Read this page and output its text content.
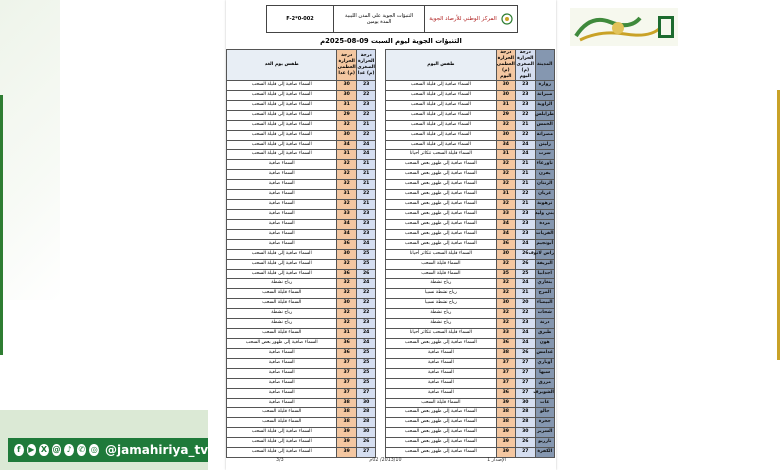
المركز الوطني للأرصاد الجوية
التنبؤات الجوية على المدن الليبية
المدة يومين
F-2*0-002
التنبؤات الجوية ليوم السبت 09-08-2025م
المدينة	درجة الحرارة الصغرى (م) اليوم	درجة الحرارة العظمى (م) اليوم	طقس اليوم		درجة الحرارة الصغرى (م) غدا	درجة الحرارة العظمى (م) غدا	طقس يوم الغد
زوارة	23	30	السماء صافية إلى قليلة السحب		23	30	السماء صافية إلى قليلة السحب
صبراتة	23	30	السماء صافية إلى قليلة السحب		22	30	السماء صافية إلى قليلة السحب
الزاوية	23	31	السماء صافية إلى قليلة السحب		23	31	السماء صافية إلى قليلة السحب
طرابلس	22	29	السماء صافية إلى قليلة السحب		22	29	السماء صافية إلى قليلة السحب
الخمس	21	32	السماء صافية إلى قليلة السحب		21	32	السماء صافية إلى قليلة السحب
مصراتة	22	30	السماء صافية إلى قليلة السحب		22	30	السماء صافية إلى قليلة السحب
زليتن	24	34	السماء صافية إلى قليلة السحب		24	34	السماء صافية إلى قليلة السحب
سرت	24	31	السماء قليلة السحب تتكاثر أحيانا		24	31	السماء صافية إلى قليلة السحب
تاورغاء	21	32	السماء صافية إلى ظهور بعض السحب		21	32	السماء صافية
يفرن	21	32	السماء صافية إلى ظهور بعض السحب		21	32	السماء صافية
الزنتان	21	32	السماء صافية إلى ظهور بعض السحب		21	32	السماء صافية
غريان	22	31	السماء صافية إلى ظهور بعض السحب		22	31	السماء صافية
ترهونة	21	32	السماء صافية إلى ظهور بعض السحب		21	32	السماء صافية
بني وليد	23	33	السماء صافية إلى ظهور بعض السحب		23	33	السماء صافية
مزدة	23	34	السماء صافية إلى ظهور بعض السحب		23	34	السماء صافية
القريات	23	34	السماء صافية إلى ظهور بعض السحب		23	34	السماء صافية
أبونجيم	24	36	السماء صافية إلى ظهور بعض السحب		24	36	السماء صافية
راس لانوف	26	30	السماء قليلة السحب تتكاثر أحيانا		25	30	السماء صافية إلى قليلة السحب
البريقة	26	32	السماء قليلة السحب		25	32	السماء صافية إلى قليلة السحب
اجدابيا	25	35	السماء قليلة السحب		26	36	السماء صافية إلى قليلة السحب
بنغازي	24	32	رياح نشطة		24	32	رياح نشطة
المرج	21	32	رياح نشطة نسبيا		22	32	السماء قليلة السحب
البيضاء	20	30	رياح نشطة نسبيا		22	30	السماء قليلة السحب
شحات	22	32	رياح نشطة		22	32	رياح نشطة
درنة	23	32	رياح نشطة		23	32	رياح نشطة
طبرق	24	33	السماء قليلة السحب تتكاثر أحيانا		24	31	السماء قليلة السحب
هون	24	36	السماء صافية إلى ظهور بعض السحب		24	36	السماء صافية إلى ظهور بعض السحب
غدامس	26	38	السماء صافية		25	36	السماء صافية
أوباري	27	37	السماء صافية		25	37	السماء صافية
سبها	27	37	السماء صافية		25	37	السماء صافية
مرزق	27	37	السماء صافية		25	37	السماء صافية
الشويرف	27	36	السماء صافية		27	37	السماء صافية
غات	30	39	السماء قليلة السحب		30	38	السماء صافية
جالو	28	38	السماء صافية إلى ظهور بعض السحب		28	38	السماء قليلة السحب
جخرة	28	38	السماء صافية إلى ظهور بعض السحب		28	38	السماء قليلة السحب
السرير	30	39	السماء صافية إلى ظهور بعض السحب		30	39	السماء صافية إلى قليلة السحب
تازربو	26	39	السماء صافية إلى ظهور بعض السحب		26	39	السماء صافية إلى قليلة السحب
الكفرة	27	39	السماء صافية إلى ظهور بعض السحب		27	39	السماء صافية إلى قليلة السحب
الإصدار 1
2013/10/ 02م
3/3
f ▶ X @ ♪ ✆ ◎ @jamahiriya_tv
